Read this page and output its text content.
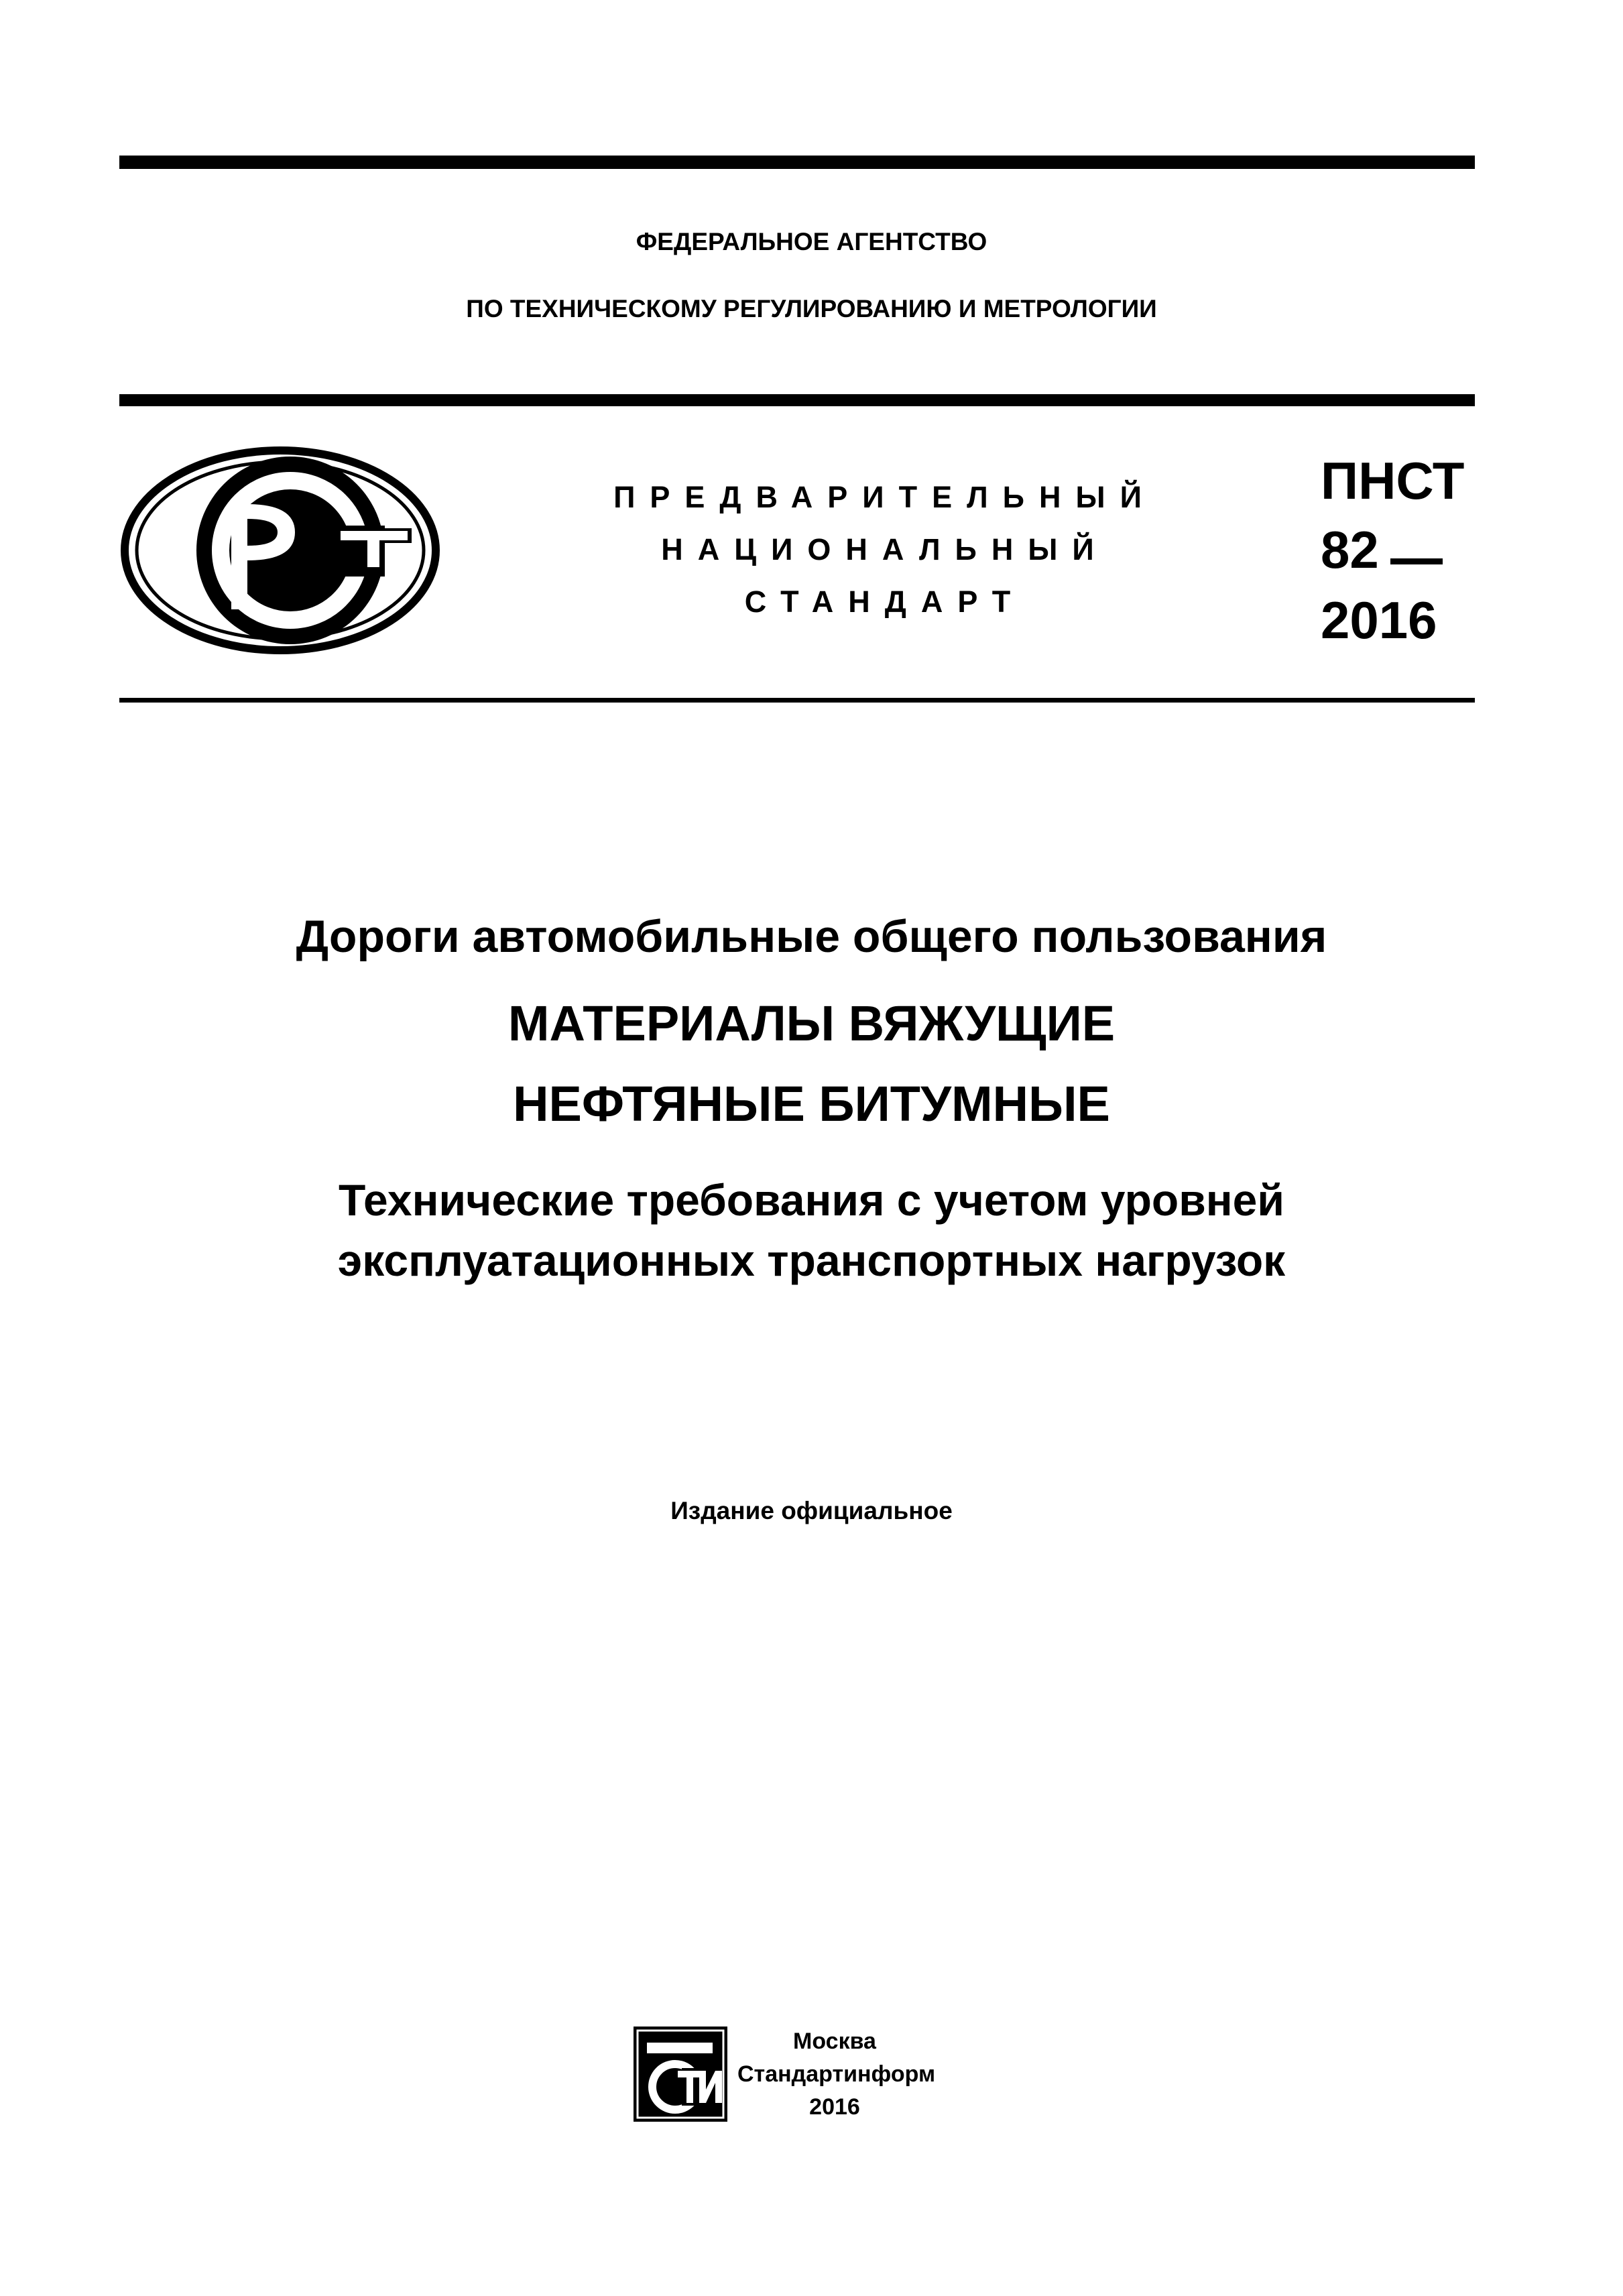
ФЕДЕРАЛЬНОЕ АГЕНТСТВО
ПО ТЕХНИЧЕСКОМУ РЕГУЛИРОВАНИЮ И МЕТРОЛОГИИ
ПРЕДВАРИТЕЛЬНЫЙ
НАЦИОНАЛЬНЫЙ
СТАНДАРТ
ПНСТ
82
2016
Дороги автомобильные общего пользования
МАТЕРИАЛЫ ВЯЖУЩИЕ
НЕФТЯНЫЕ БИТУМНЫЕ
Технические требования с учетом уровней
эксплуатационных транспортных нагрузок
Издание официальное
Москва
Стандартинформ
2016
